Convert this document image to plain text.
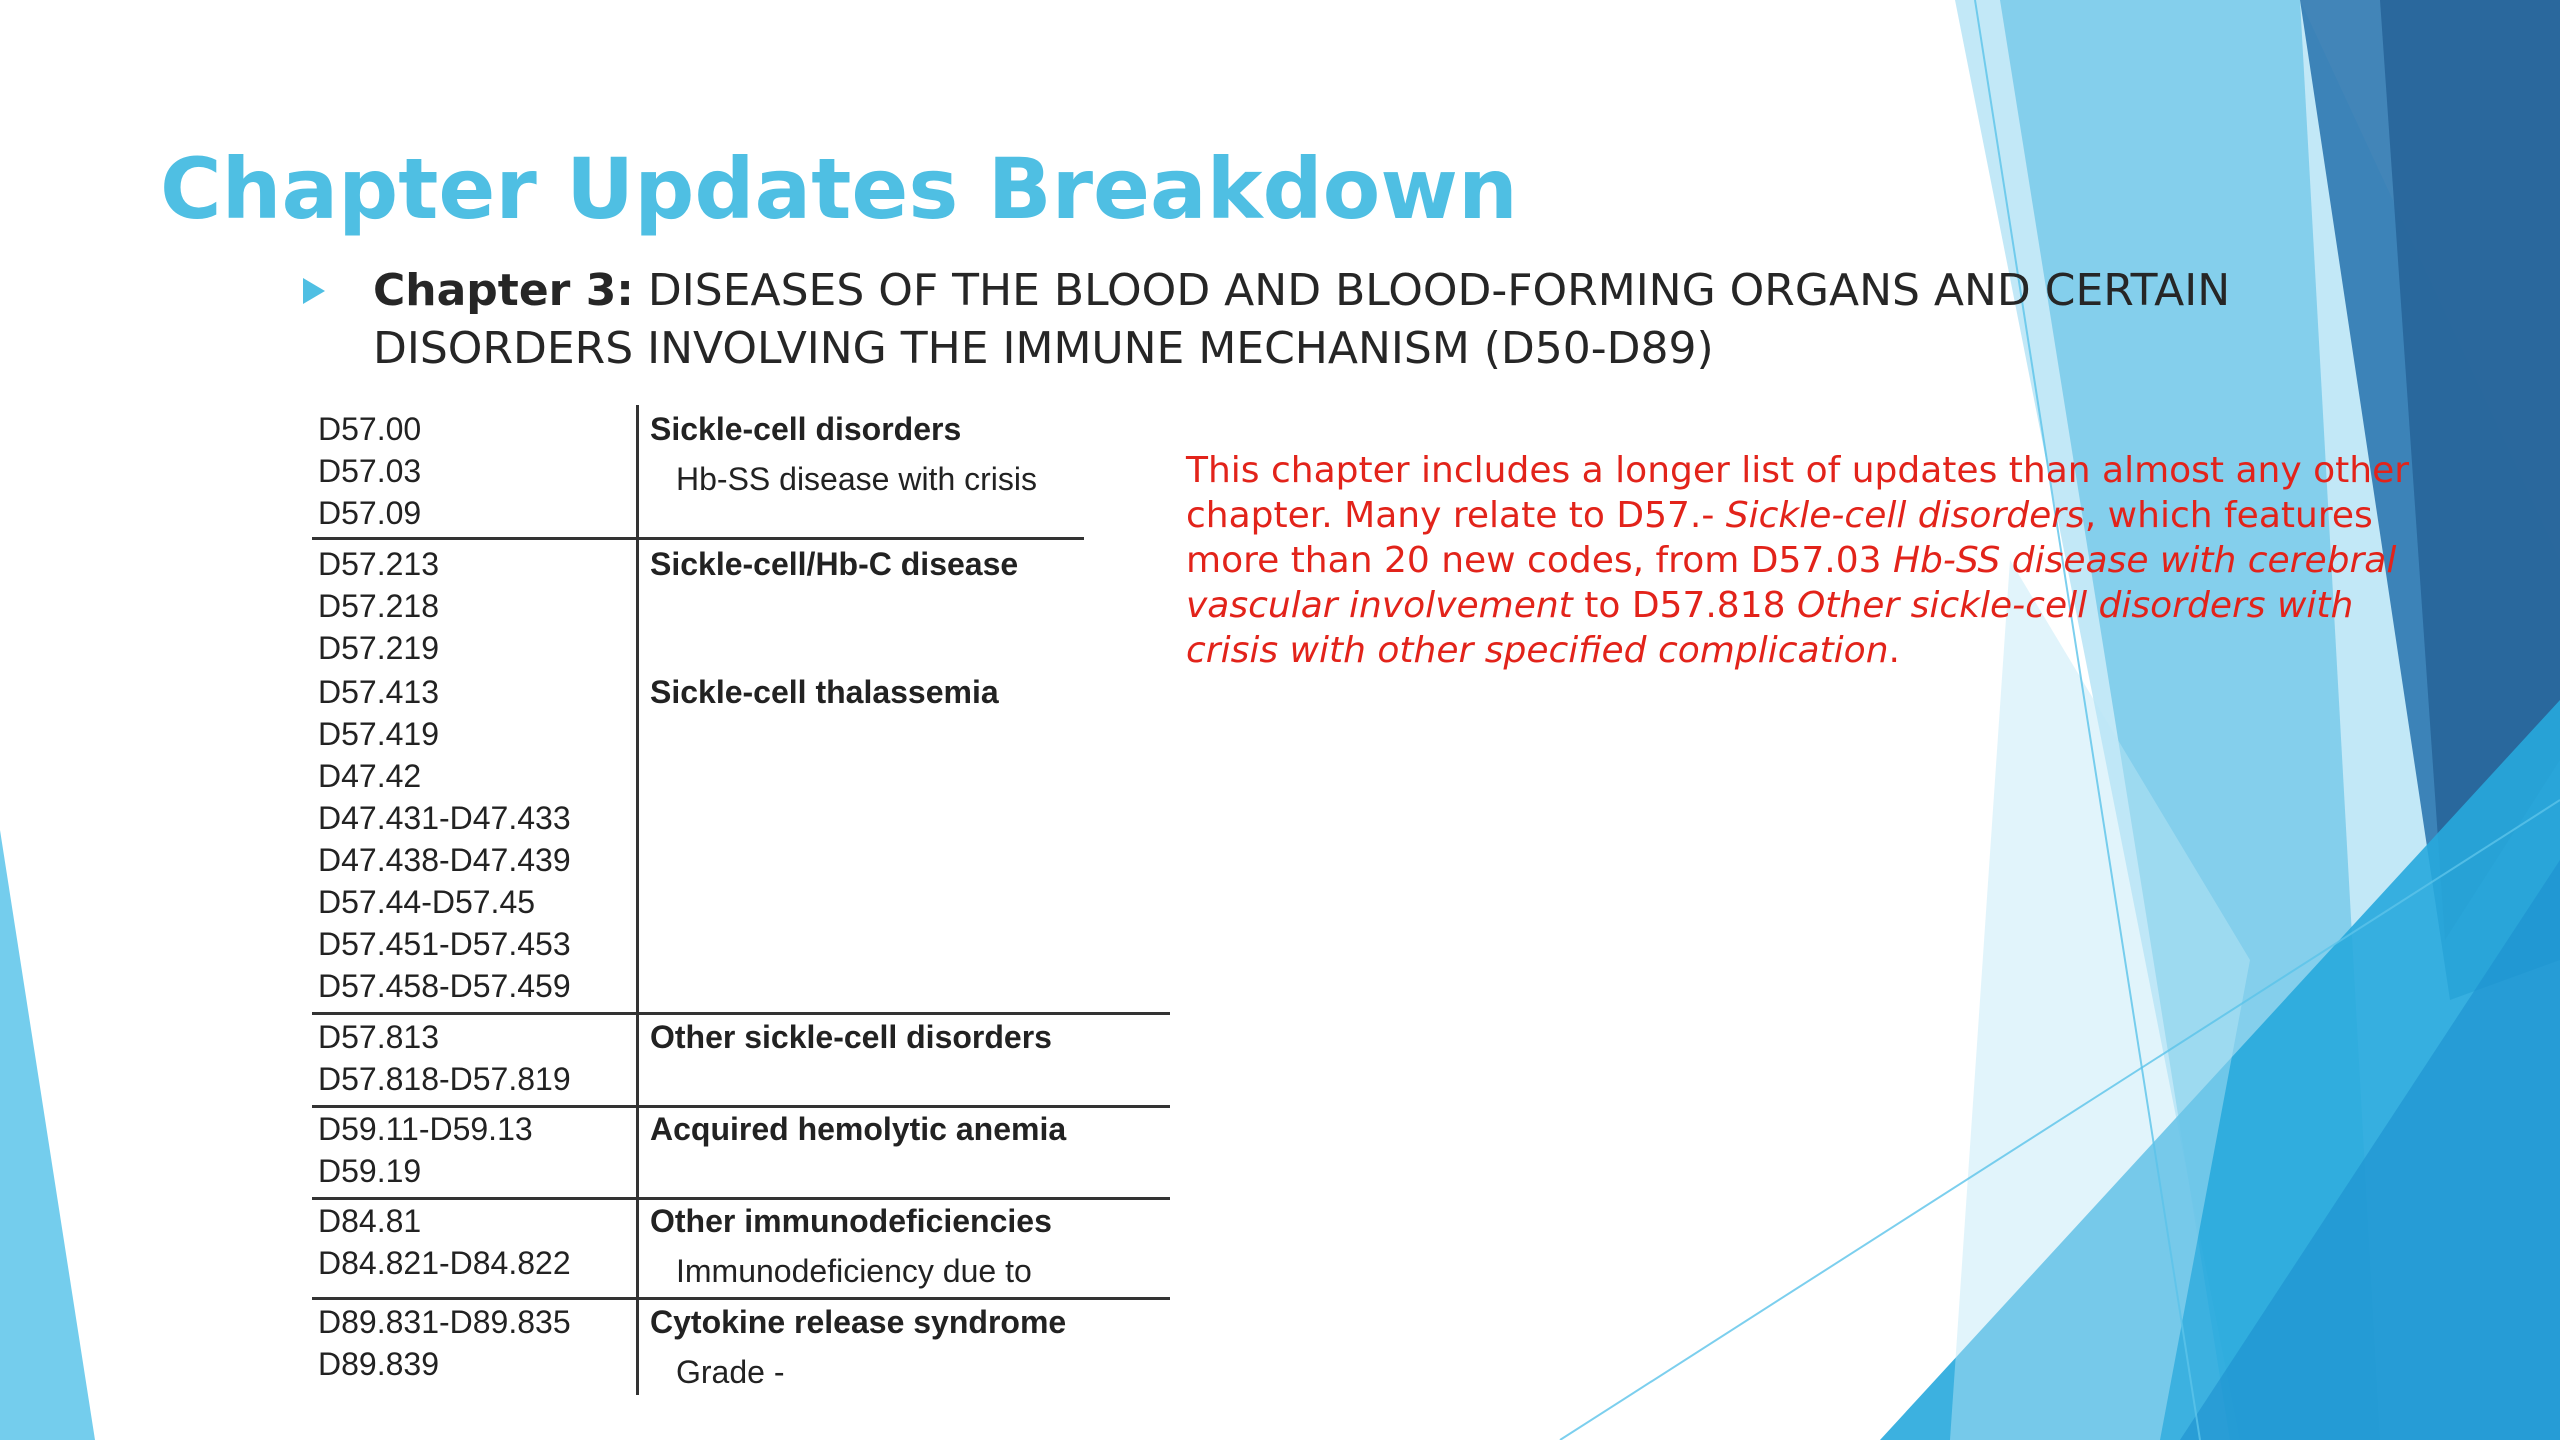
Chapter Updates Breakdown
Chapter 3: DISEASES OF THE BLOOD AND BLOOD-FORMING ORGANS AND CERTAIN DISORDERS INVOLVING THE IMMUNE MECHANISM (D50-D89)
D57.00
D57.03
D57.09
D57.213
D57.218
D57.219
D57.413
D57.419
D47.42
D47.431-D47.433
D47.438-D47.439
D57.44-D57.45
D57.451-D57.453
D57.458-D57.459
D57.813
D57.818-D57.819
D59.11-D59.13
D59.19
D84.81
D84.821-D84.822
D89.831-D89.835
D89.839
Sickle-cell disorders
Hb-SS disease with crisis
Sickle-cell/Hb-C disease
Sickle-cell thalassemia
Other sickle-cell disorders
Acquired hemolytic anemia
Other immunodeficiencies
Immunodeficiency due to
Cytokine release syndrome
Grade -

This chapter includes a longer list of updates than almost any other chapter. Many relate to D57.- Sickle-cell disorders, which features more than 20 new codes, from D57.03 Hb-SS disease with cerebral vascular involvement to D57.818 Other sickle-cell disorders with crisis with other specified complication.
